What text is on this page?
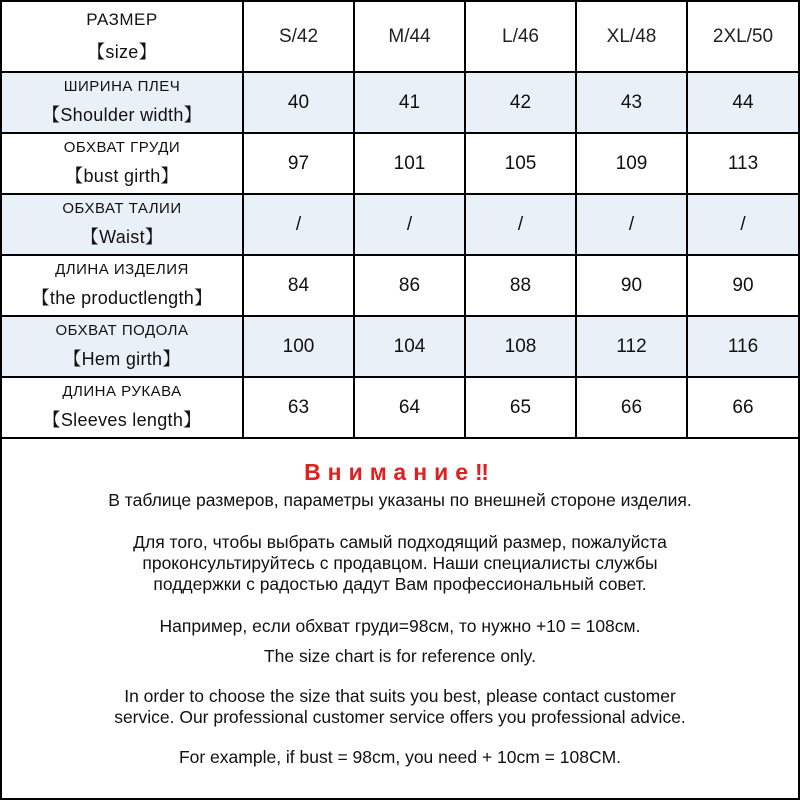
РАЗМЕР
【 size 】	S/42	M/44	L/46	XL/48	2XL/50

ШИРИНА ПЛЕЧ
【 Shoulder width 】	40	41	42	43	44

ОБХВАТ ГРУДИ
【 bust girth 】	97	101	105	109	113

ОБХВАТ ТАЛИИ
【 Waist 】	/	/	/	/	/

ДЛИНА ИЗДЕЛИЯ
【 the productlength 】	84	86	88	90	90

ОБХВАТ ПОДОЛА
【 Hem girth 】	100	104	108	112	116

ДЛИНА РУКАВА
【 Sleeves length 】	63	64	65	66	66
Внимание‼
В таблице размеров, параметры указаны по внешней стороне изделия.
Для того, чтобы выбрать самый подходящий размер, пожалуйста
проконсультируйтесь с продавцом. Наши специалисты службы
поддержки с радостью дадут Вам профессиональный совет.
Например, если обхват груди=98см, то нужно +10 = 108см.
The size chart is for reference only.
In order to choose the size that suits you best, please contact customer
service. Our professional customer service offers you professional advice.
For example, if bust = 98cm, you need + 10cm = 108CM.
